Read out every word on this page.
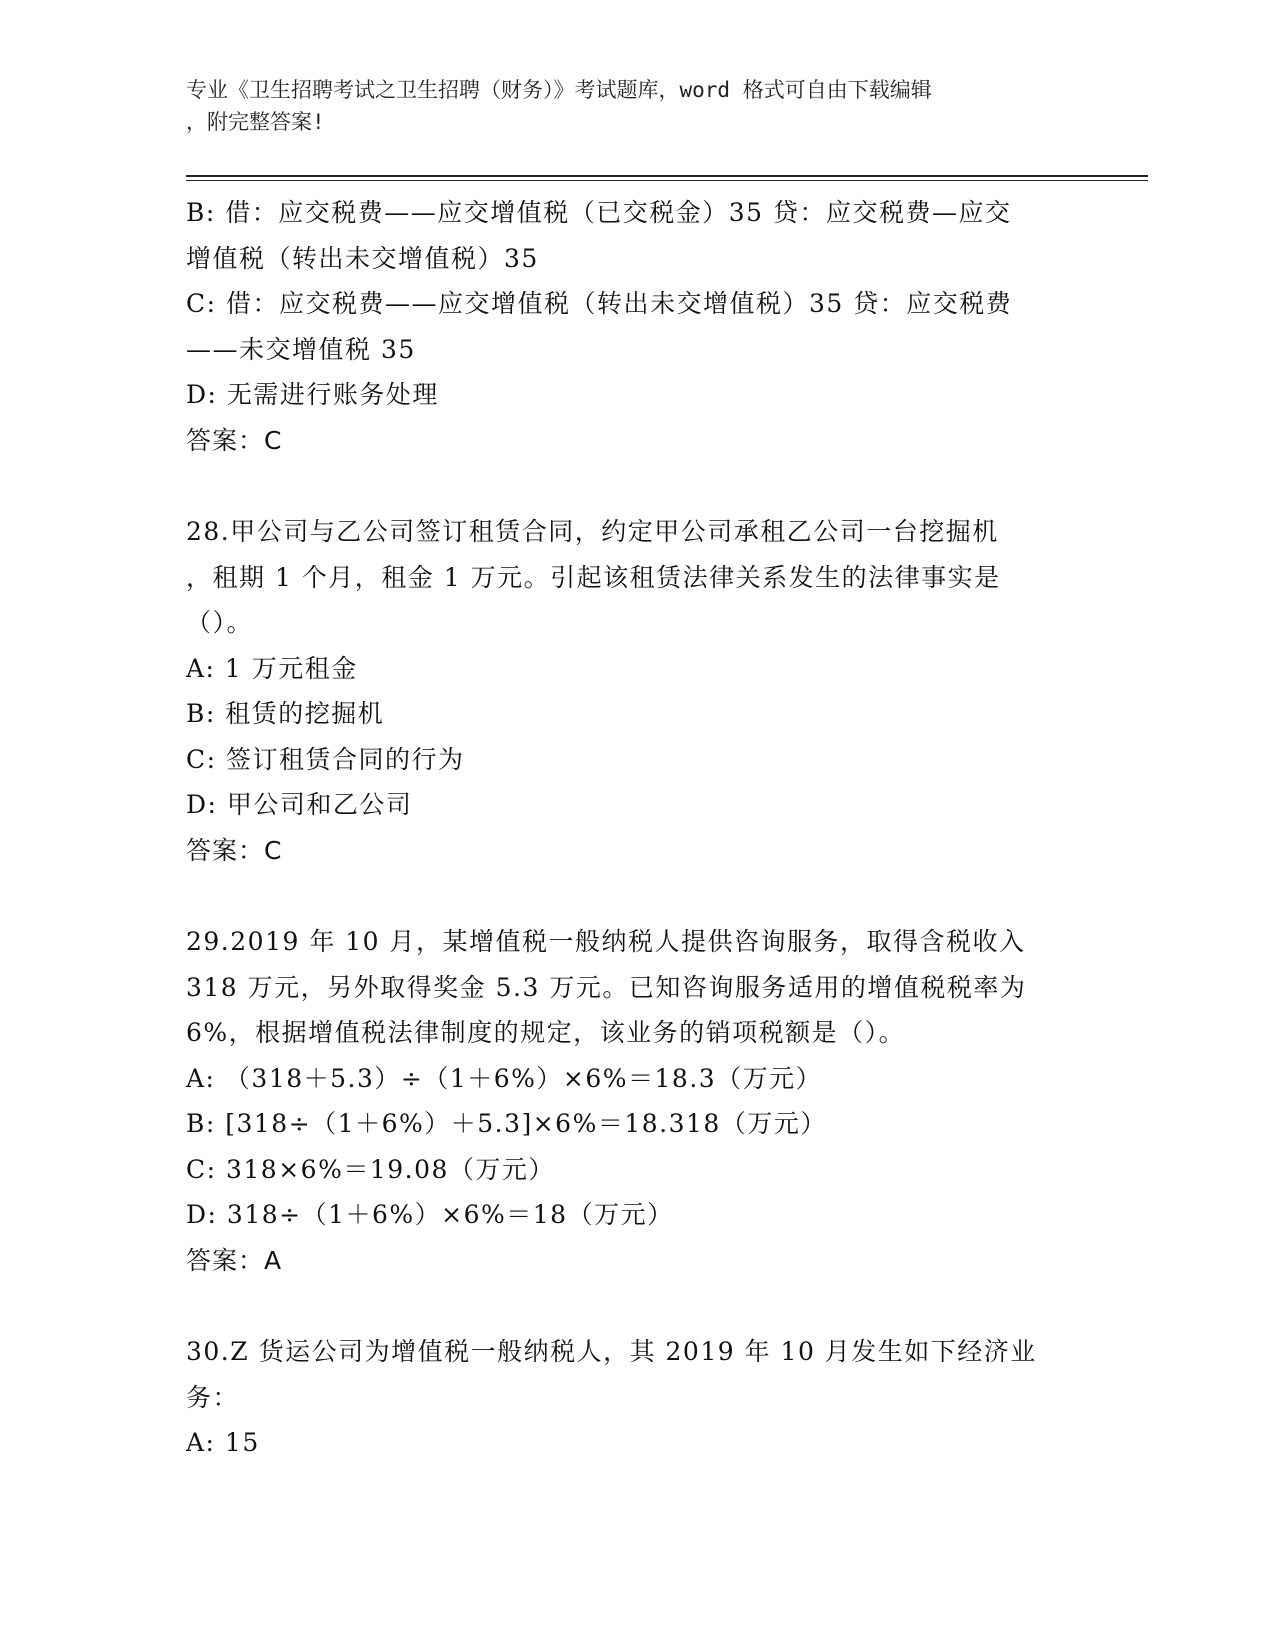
专业《卫生招聘考试之卫生招聘（财务）》考试题库，word 格式可自由下载编辑
，附完整答案!
B: 借：应交税费——应交增值税（已交税金）35 贷：应交税费—应交
增值税（转出未交增值税）35
C: 借：应交税费——应交增值税（转出未交增值税）35 贷：应交税费
——未交增值税 35
D: 无需进行账务处理
答案：C
28.甲公司与乙公司签订租赁合同，约定甲公司承租乙公司一台挖掘机
，租期 1 个月，租金 1 万元。引起该租赁法律关系发生的法律事实是
（）。
A: 1 万元租金
B: 租赁的挖掘机
C: 签订租赁合同的行为
D: 甲公司和乙公司
答案：C
29.2019 年 10 月，某增值税一般纳税人提供咨询服务，取得含税收入
318 万元，另外取得奖金 5.3 万元。已知咨询服务适用的增值税税率为
6%，根据增值税法律制度的规定，该业务的销项税额是（）。
A: （318＋5.3）÷（1＋6%）×6%＝18.3（万元）
B: [318÷（1＋6%）＋5.3]×6%＝18.318（万元）
C: 318×6%＝19.08（万元）
D: 318÷（1＋6%）×6%＝18（万元）
答案：A
30.Z 货运公司为增值税一般纳税人，其 2019 年 10 月发生如下经济业
务：
A: 15
